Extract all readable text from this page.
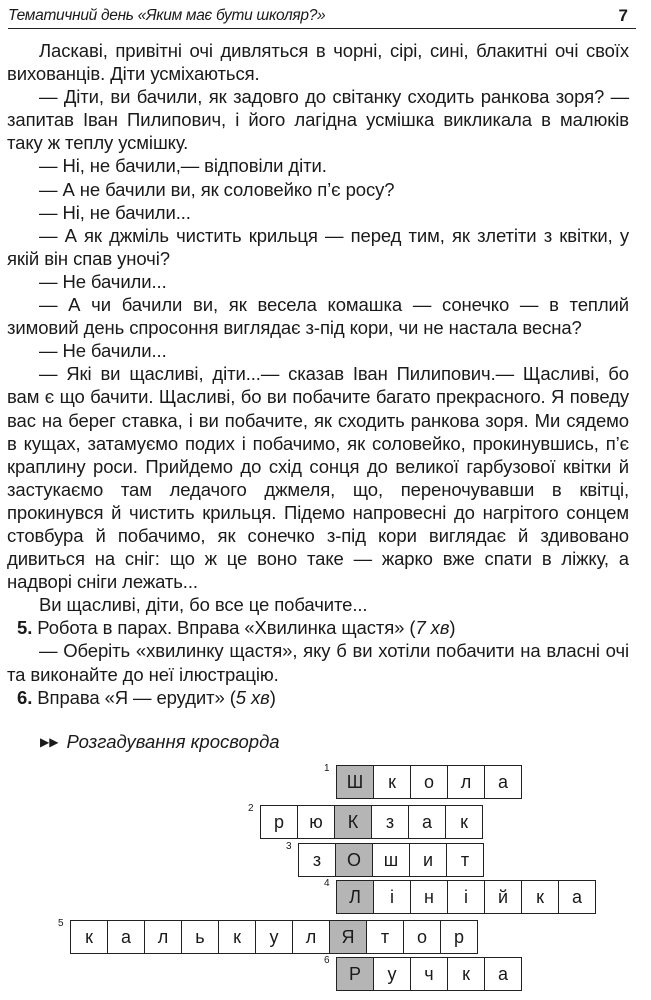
Тематичний день «Яким має бути школяр?»	7

Ласкаві, привітні очі дивляться в чорні, сірі, сині, блакитні очі своїх вихованців. Діти усміхаються.

— Діти, ви бачили, як задовго до світанку сходить ранкова зоря? — запитав Іван Пилипович, і його лагідна усмішка викликала в малюків таку ж теплу усмішку.

— Ні, не бачили,— відповіли діти.

— А не бачили ви, як соловейко п’є росу?

— Ні, не бачили...

— А як джміль чистить крильця — перед тим, як злетіти з квітки, у якій він спав уночі?

— Не бачили...

— А чи бачили ви, як весела комашка — сонечко — в теплий зимовий день спросоння виглядає з-під кори, чи не настала весна?

— Не бачили...

— Які ви щасливі, діти...— сказав Іван Пилипович.— Щасливі, бо вам є що бачити. Щасливі, бо ви побачите багато прекрасного. Я поведу вас на берег ставка, і ви побачите, як сходить ранкова зоря. Ми сядемо в кущах, затамуємо подих і побачимо, як соловейко, прокинувшись, п’є краплину роси. Прийдемо до схід сонця до великої гарбузової квітки й застукаємо там ледачого джмеля, що, переночувавши в квітці, прокинувся й чистить крильця. Підемо напровесні до нагрітого сонцем стовбура й побачимо, як сонечко з-під кори виглядає й здивовано дивиться на сніг: що ж це воно таке — жарко вже спати в ліжку, а надворі сніги лежать...

Ви щасливі, діти, бо все це побачите...

5. Робота в парах. Вправа «Хвилинка щастя» (7 хв)

— Оберіть «хвилинку щастя», яку б ви хотіли побачити на власні очі та виконайте до неї ілюстрацію.

6. Вправа «Я — ерудит» (5 хв)

▶▶ Розгадування кросворда
1
Ш	к	о	л	а
2
р	ю	К	з	а	к
3
з	О	ш	и	т
4
Л	і	н	і	й	к	а
5
к	а	л	ь	к	у	л	Я	т	о	р
6
Р	у	ч	к	а
